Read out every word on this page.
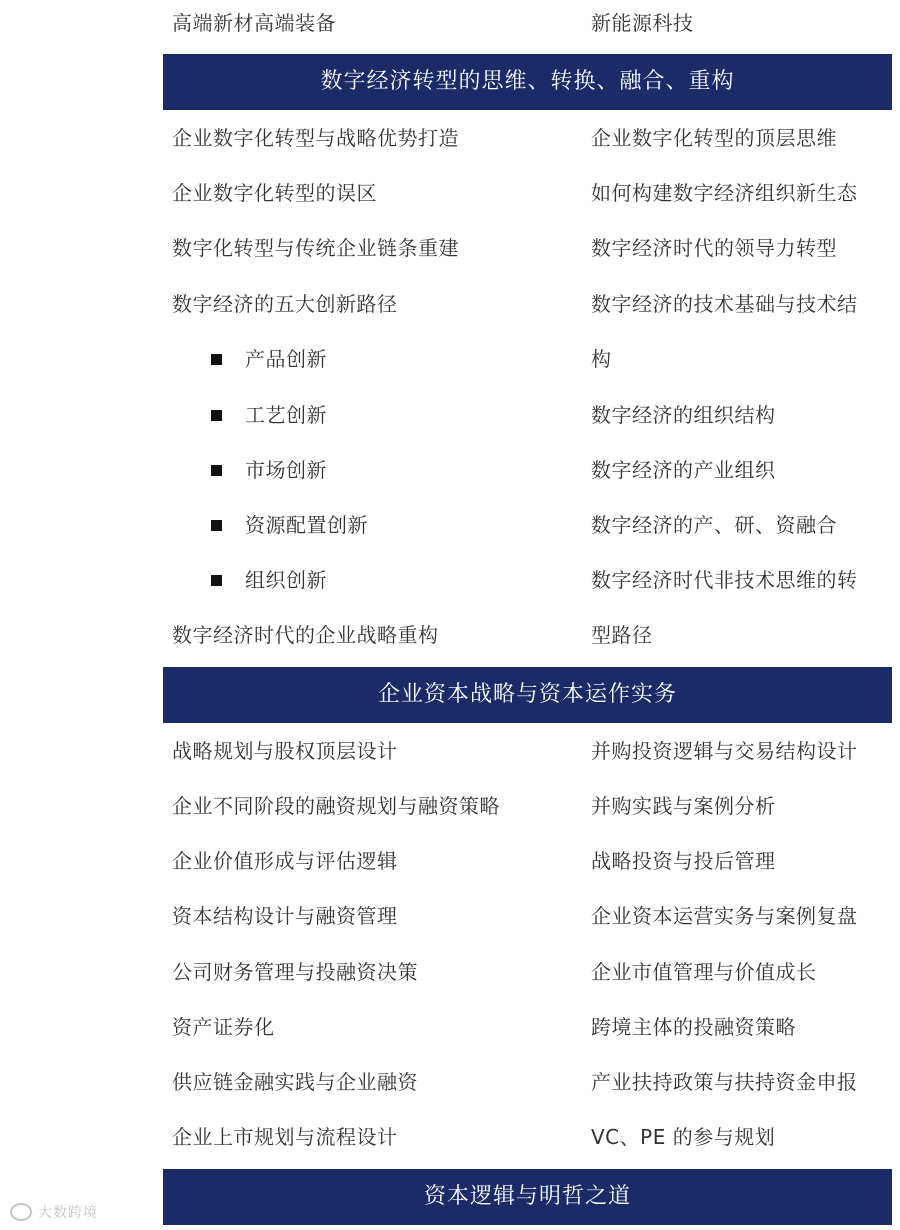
高端新材高端装备	新能源科技
数字经济转型的思维、转换、融合、重构
企业数字化转型与战略优势打造	企业数字化转型的顶层思维
企业数字化转型的误区	如何构建数字经济组织新生态
数字化转型与传统企业链条重建	数字经济时代的领导力转型
数字经济的五大创新路径	数字经济的技术基础与技术结
产品创新	构
工艺创新	数字经济的组织结构
市场创新	数字经济的产业组织
资源配置创新	数字经济的产、研、资融合
组织创新	数字经济时代非技术思维的转
数字经济时代的企业战略重构	型路径
企业资本战略与资本运作实务
战略规划与股权顶层设计	并购投资逻辑与交易结构设计
企业不同阶段的融资规划与融资策略	并购实践与案例分析
企业价值形成与评估逻辑	战略投资与投后管理
资本结构设计与融资管理	企业资本运营实务与案例复盘
公司财务管理与投融资决策	企业市值管理与价值成长
资产证券化	跨境主体的投融资策略
供应链金融实践与企业融资	产业扶持政策与扶持资金申报
企业上市规划与流程设计	VC、PE 的参与规划
资本逻辑与明哲之道
大数跨境
